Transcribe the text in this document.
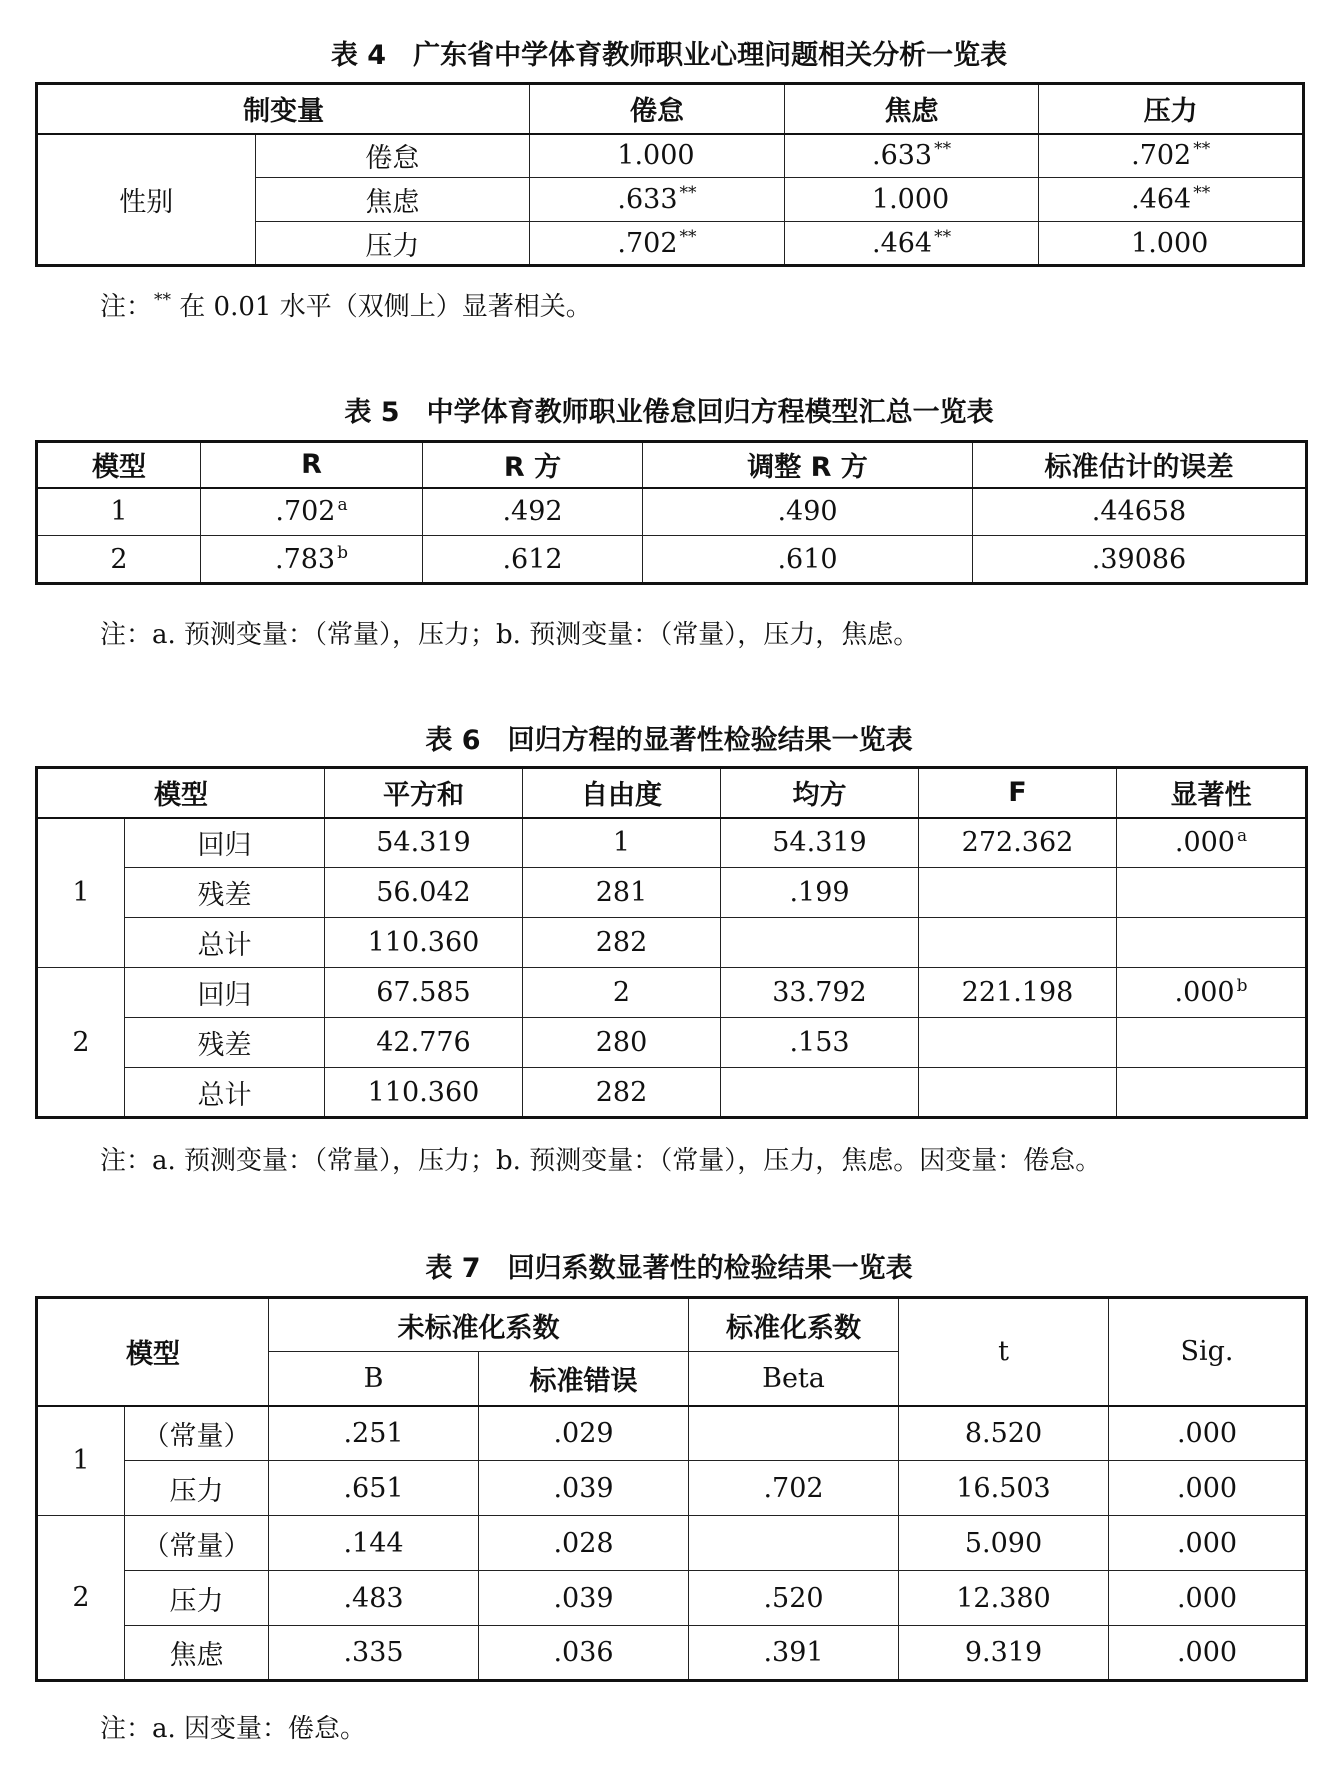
表 4　广东省中学体育教师职业心理问题相关分析一览表
制变量		倦怠	焦虑	压力
性别	倦怠	1.000	.633 **	.702 **
	焦虑	.633 **	1.000	.464 **
	压力	.702 **	.464 **	1.000
注： ** 在 0.01 水平（双侧上）显著相关。
表 5　中学体育教师职业倦怠回归方程模型汇总一览表
模型	R	R 方	调整 R 方	标准估计的误差
1	.702 $^a$	.492	.490	.44658
2	.783 $^b$	.612	.610	.39086
注：a. 预测变量：（常量），压力；b. 预测变量：（常量），压力，焦虑。
表 6　回归方程的显著性检验结果一览表
模型		平方和	自由度	均方	F	显著性
1	回归	54.319	1	54.319	272.362	.000 $^a$
	残差	56.042	281	.199		
	总计	110.360	282			
2	回归	67.585	2	33.792	221.198	.000 $^b$
	残差	42.776	280	.153		
	总计	110.360	282			
注：a. 预测变量：（常量），压力；b. 预测变量：（常量），压力，焦虑。因变量：倦怠。
表 7　回归系数显著性的检验结果一览表
模型		未标准化系数		标准化系数	t	Sig.
		B	标准错误	Beta		
1	（常量）	.251	.029		8.520	.000
	压力	.651	.039	.702	16.503	.000
2	（常量）	.144	.028		5.090	.000
	压力	.483	.039	.520	12.380	.000
	焦虑	.335	.036	.391	9.319	.000
注：a. 因变量：倦怠。
